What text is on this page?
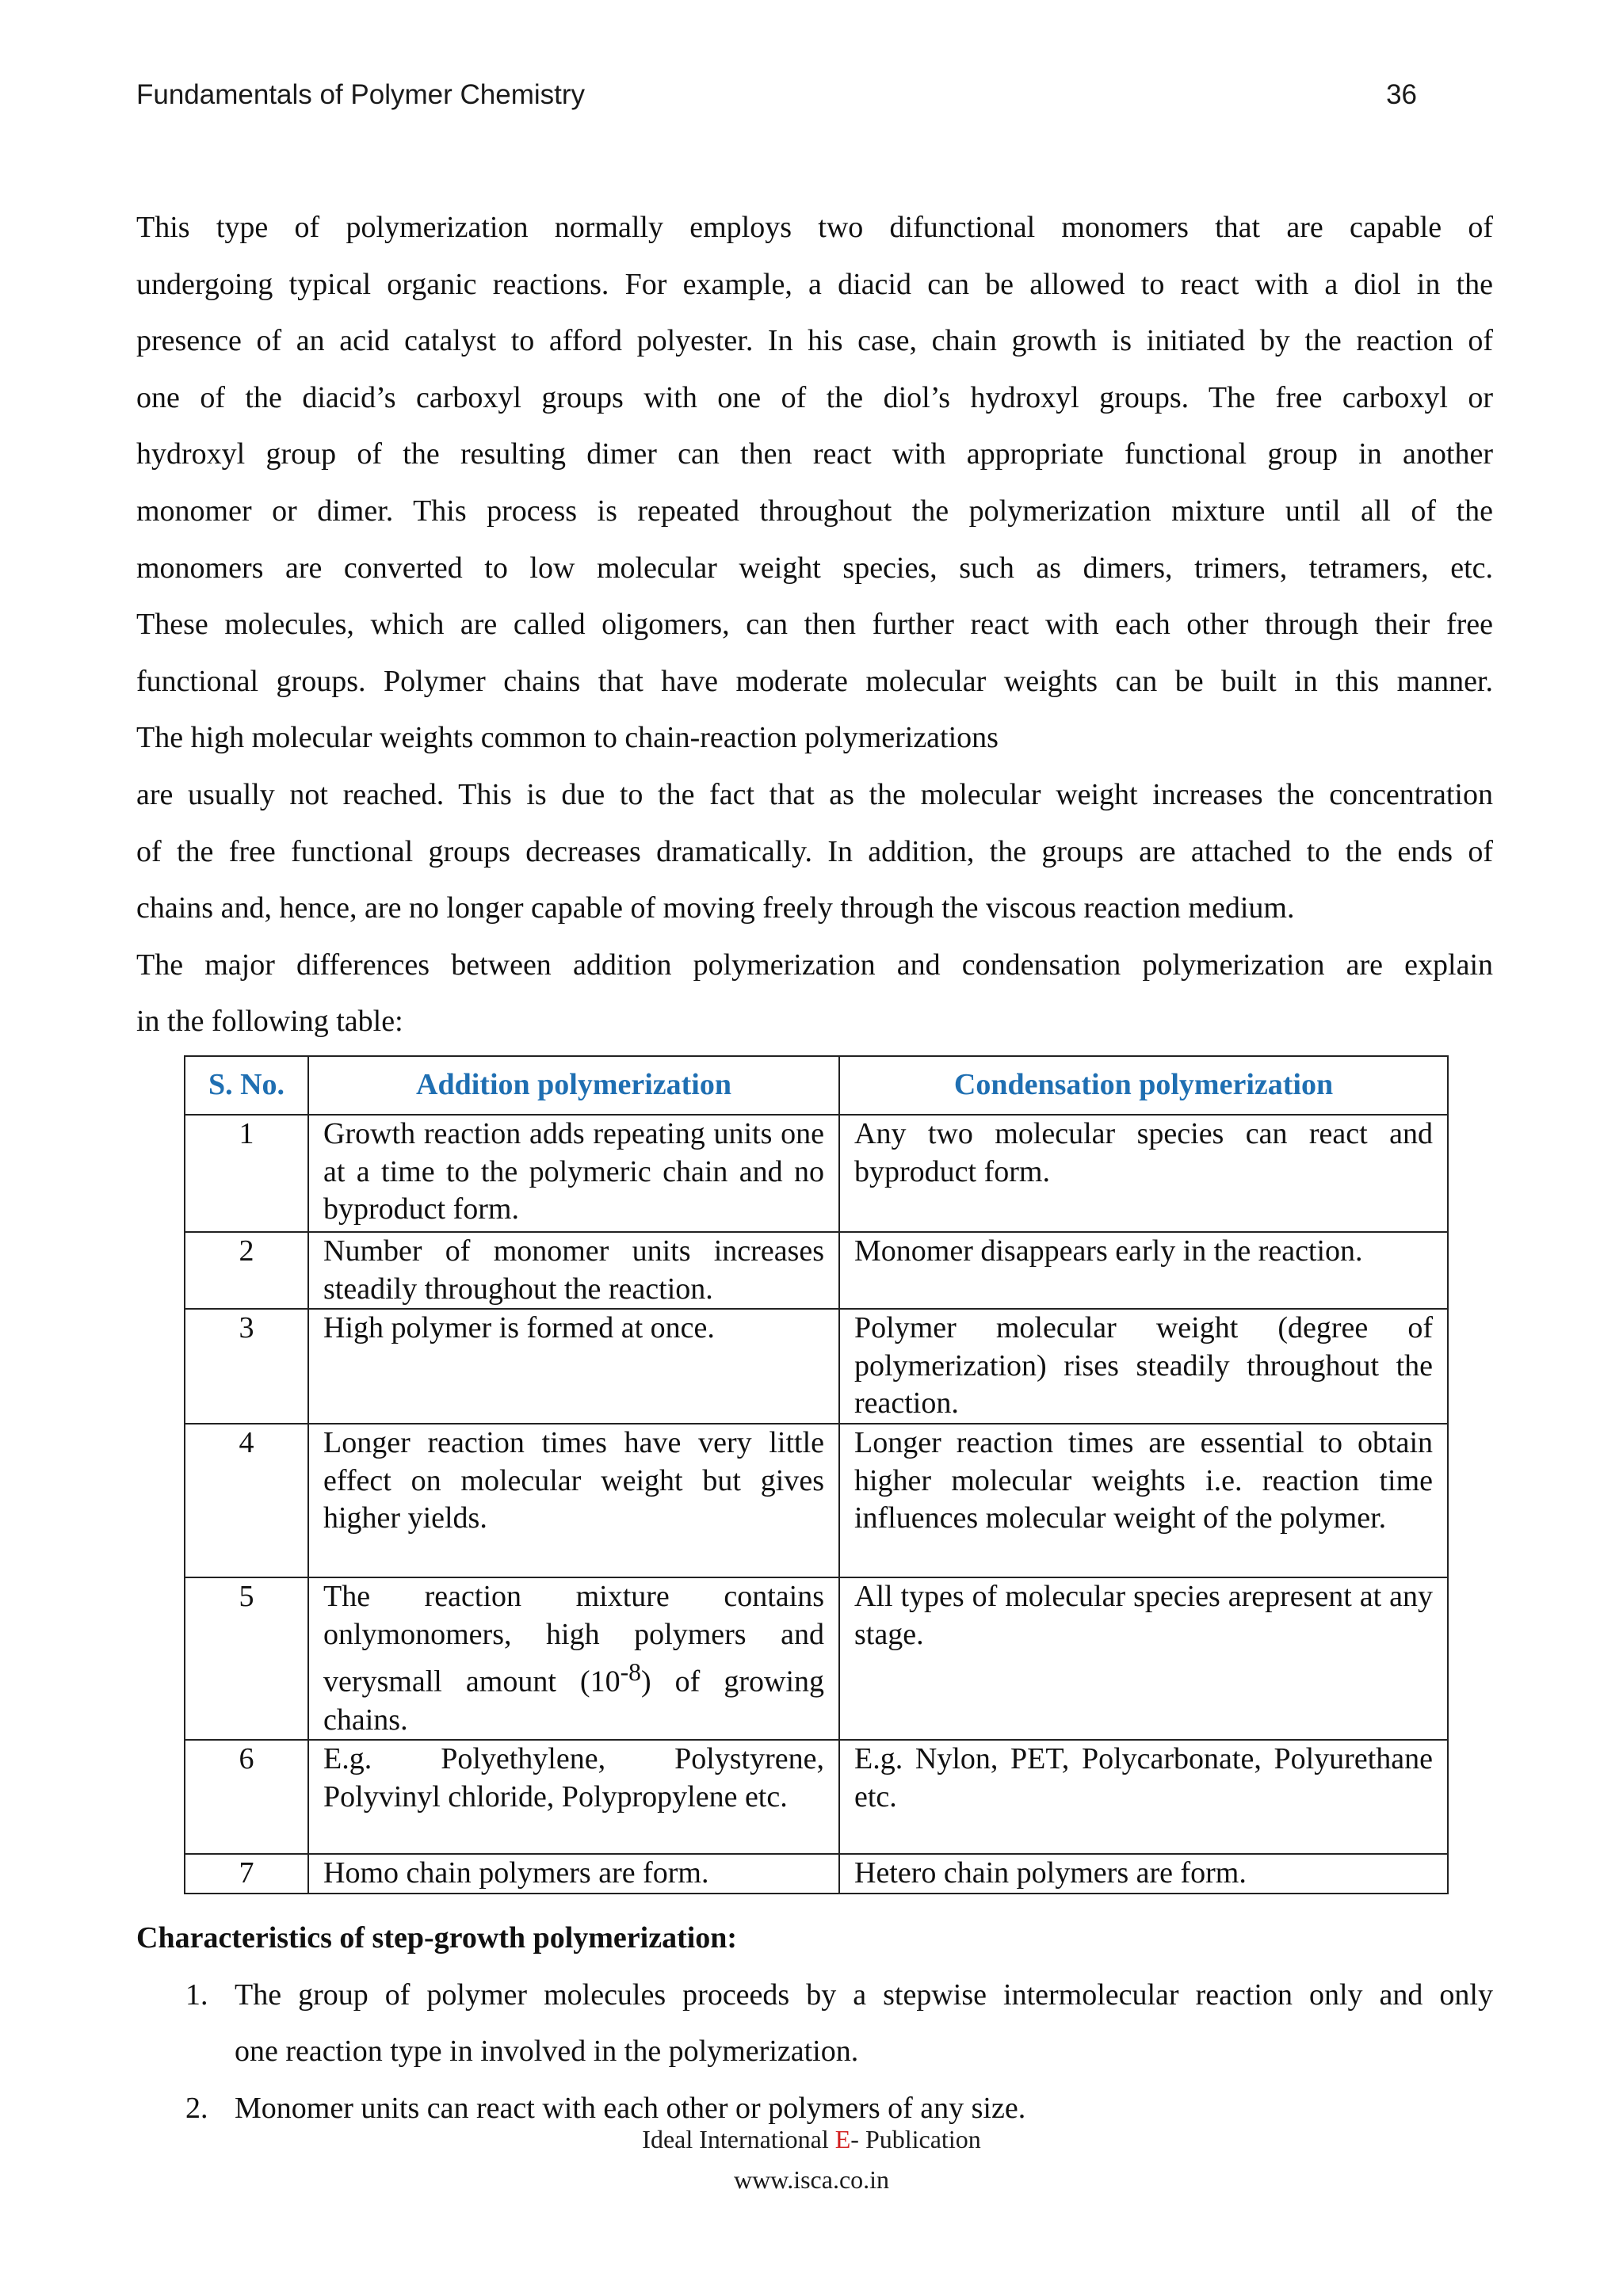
Fundamentals of Polymer Chemistry	36

This type of polymerization normally employs two difunctional monomers that are capable of

undergoing typical organic reactions. For example, a diacid can be allowed to react with a diol in the

presence of an acid catalyst to afford polyester. In his case, chain growth is initiated by the reaction of

one of the diacid’s carboxyl groups with one of the diol’s hydroxyl groups. The free carboxyl or

hydroxyl group of the resulting dimer can then react with appropriate functional group in another

monomer or dimer. This process is repeated throughout the polymerization mixture until all of the

monomers are converted to low molecular weight species, such as dimers, trimers, tetramers, etc.

These molecules, which are called oligomers, can then further react with each other through their free

functional groups. Polymer chains that have moderate molecular weights can be built in this manner.

The high molecular weights common to chain-reaction polymerizations

are usually not reached. This is due to the fact that as the molecular weight increases the concentration

of the free functional groups decreases dramatically. In addition, the groups are attached to the ends of

chains and, hence, are no longer capable of moving freely through the viscous reaction medium.

The major differences between addition polymerization and condensation polymerization are explain

in the following table:

S. No.	Addition polymerization	Condensation polymerization
1	Growth reaction adds repeating units one at a time to the polymeric chain and no byproduct form.	Any two molecular species can react and byproduct form.
2	Number of monomer units increases steadily throughout the reaction.	Monomer disappears early in the reaction.
3	High polymer is formed at once.	Polymer molecular weight (degree of polymerization) rises steadily throughout the reaction.
4	Longer reaction times have very little effect on molecular weight but gives higher yields.	Longer reaction times are essential to obtain higher molecular weights i.e. reaction time influences molecular weight of the polymer.
5	The reaction mixture contains onlymonomers, high polymers and verysmall amount $(10^{-8})$ of growing chains.	All types of molecular species arepresent at any stage.
6	E.g. Polyethylene, Polystyrene, Polyvinyl chloride, Polypropylene etc.	E.g. Nylon, PET, Polycarbonate, Polyurethane etc.
7	Homo chain polymers are form.	Hetero chain polymers are form.
Characteristics of step-growth polymerization:
1. The group of polymer molecules proceeds by a stepwise intermolecular reaction only and only
one reaction type in involved in the polymerization.
2. Monomer units can react with each other or polymers of any size.
Ideal International E- Publication
www.isca.co.in
